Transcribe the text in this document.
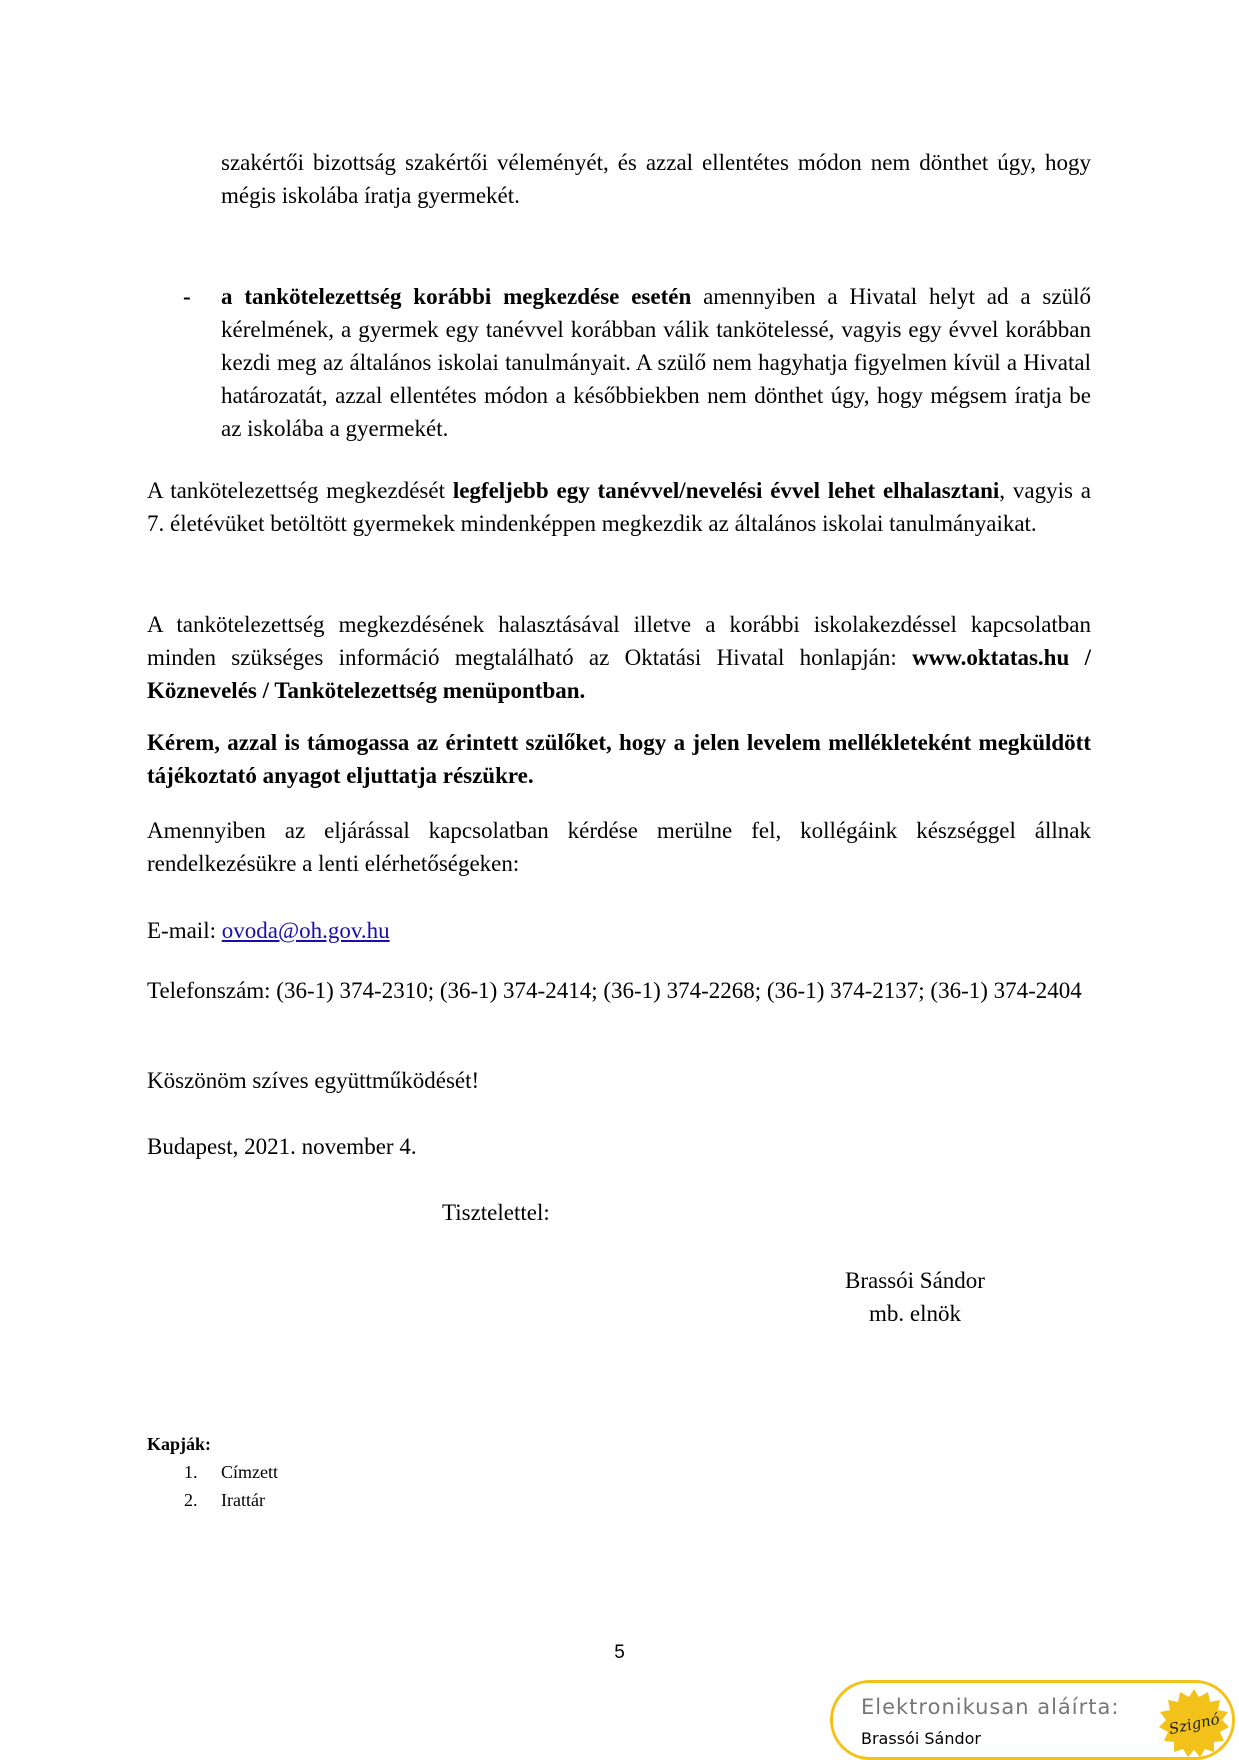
szakértői bizottság szakértői véleményét, és azzal ellentétes módon nem dönthet úgy, hogy mégis iskolába íratja gyermekét.

- a tankötelezettség korábbi megkezdése esetén amennyiben a Hivatal helyt ad a szülő kérelmének, a gyermek egy tanévvel korábban válik tankötelessé, vagyis egy évvel korábban kezdi meg az általános iskolai tanulmányait. A szülő nem hagyhatja figyelmen kívül a Hivatal határozatát, azzal ellentétes módon a későbbiekben nem dönthet úgy, hogy mégsem íratja be az iskolába a gyermekét.

A tankötelezettség megkezdését legfeljebb egy tanévvel/nevelési évvel lehet elhalasztani, vagyis a 7. életévüket betöltött gyermekek mindenképpen megkezdik az általános iskolai tanulmányaikat.

A tankötelezettség megkezdésének halasztásával illetve a korábbi iskolakezdéssel kapcsolatban minden szükséges információ megtalálható az Oktatási Hivatal honlapján: www.oktatas.hu / Köznevelés / Tankötelezettség menüpontban.

Kérem, azzal is támogassa az érintett szülőket, hogy a jelen levelem mellékleteként megküldött tájékoztató anyagot eljuttatja részükre.

Amennyiben az eljárással kapcsolatban kérdése merülne fel, kollégáink készséggel állnak rendelkezésükre a lenti elérhetőségeken:

E-mail: ovoda@oh.gov.hu

Telefonszám: (36-1) 374-2310; (36-1) 374-2414; (36-1) 374-2268; (36-1) 374-2137; (36-1) 374-2404

Köszönöm szíves együttműködését!

Budapest, 2021. november 4.

Tisztelettel:
Brassói Sándor
mb. elnök
Kapják:
1. Címzett
2. Irattár
5
Elektronikusan aláírta:
Brassói Sándor
Szignó
